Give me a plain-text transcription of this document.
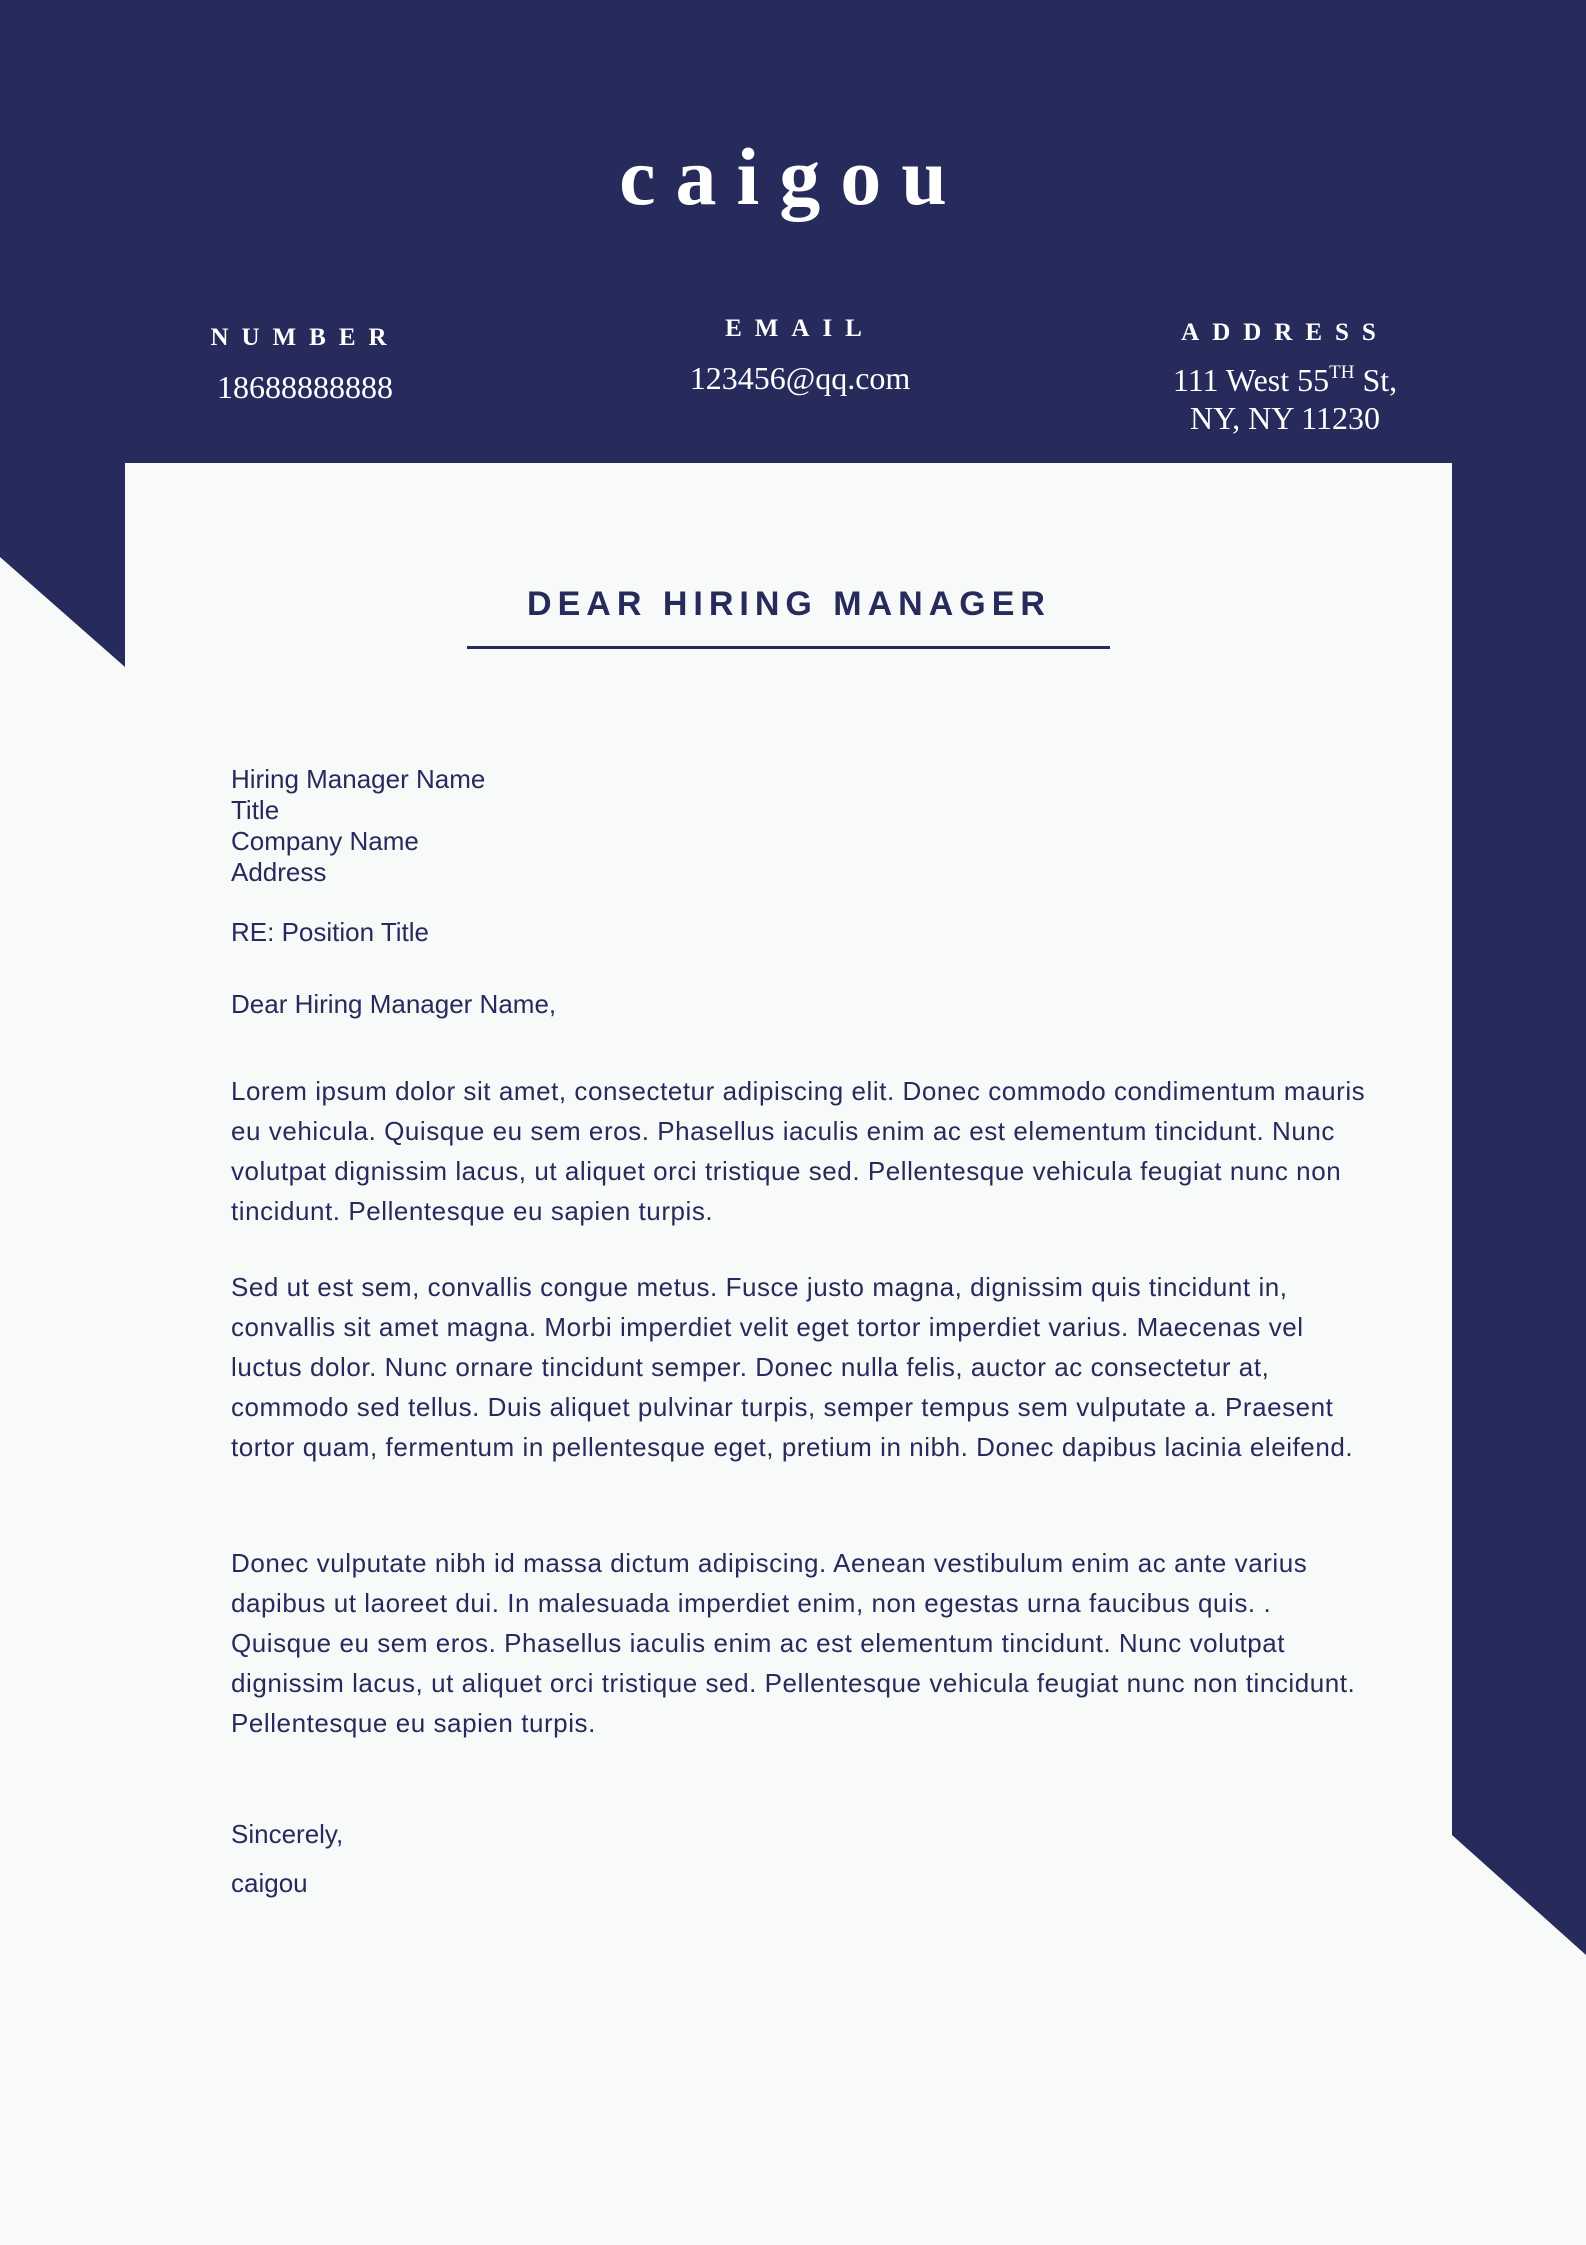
caigou
NUMBER
18688888888
EMAIL
123456@qq.com
ADDRESS
111 West 55TH St,
NY, NY 11230
DEAR HIRING MANAGER
Hiring Manager Name
Title
Company Name
Address
RE: Position Title
Dear Hiring Manager Name,
Lorem ipsum dolor sit amet, consectetur adipiscing elit. Donec commodo condimentum mauris eu vehicula. Quisque eu sem eros. Phasellus iaculis enim ac est elementum tincidunt. Nunc volutpat dignissim lacus, ut aliquet orci tristique sed. Pellentesque vehicula feugiat nunc non tincidunt. Pellentesque eu sapien turpis.
Sed ut est sem, convallis congue metus. Fusce justo magna, dignissim quis tincidunt in, convallis sit amet magna. Morbi imperdiet velit eget tortor imperdiet varius. Maecenas vel luctus dolor. Nunc ornare tincidunt semper. Donec nulla felis, auctor ac consectetur at, commodo sed tellus. Duis aliquet pulvinar turpis, semper tempus sem vulputate a. Praesent tortor quam, fermentum in pellentesque eget, pretium in nibh. Donec dapibus lacinia eleifend.
Donec vulputate nibh id massa dictum adipiscing. Aenean vestibulum enim ac ante varius dapibus ut laoreet dui. In malesuada imperdiet enim, non egestas urna faucibus quis. . Quisque eu sem eros. Phasellus iaculis enim ac est elementum tincidunt. Nunc volutpat dignissim lacus, ut aliquet orci tristique sed. Pellentesque vehicula feugiat nunc non tincidunt. Pellentesque eu sapien turpis.
Sincerely,
caigou
